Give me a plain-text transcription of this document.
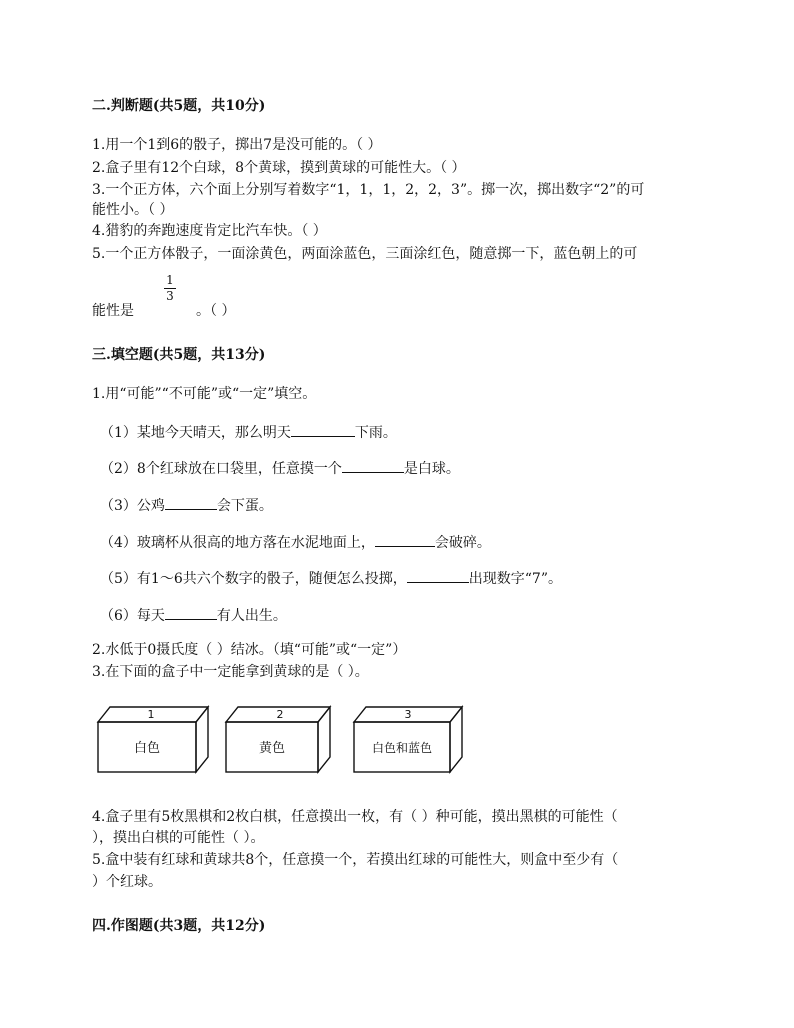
二.判断题(共5题，共10分)
1.用一个1到6的骰子，掷出7是没可能的。（ ）
2.盒子里有12个白球，8个黄球，摸到黄球的可能性大。（ ）
3.一个正方体，六个面上分别写着数字“1，1，1，2，2，3”。掷一次，掷出数字“2”的可
能性小。（ ）
4.猎豹的奔跑速度肯定比汽车快。（ ）
5.一个正方体骰子，一面涂黄色，两面涂蓝色，三面涂红色，随意掷一下，蓝色朝上的可
能性是
1
3
。（ ）
三.填空题(共5题，共13分)
1.用“可能”“不可能”或“一定”填空。
（1）某地今天晴天，那么明天	下雨。
（2）8个红球放在口袋里，任意摸一个	是白球。
（3）公鸡	会下蛋。
（4）玻璃杯从很高的地方落在水泥地面上，	会破碎。
（5）有1～6共六个数字的骰子，随便怎么投掷，	出现数字“7”。
（6）每天	有人出生。
2.水低于0摄氏度（ ）结冰。（填“可能”或“一定”）
3.在下面的盒子中一定能拿到黄球的是（ ）。
1
白色
2
黄色
3
白色和蓝色
4.盒子里有5枚黑棋和2枚白棋，任意摸出一枚，有（ ）种可能，摸出黑棋的可能性（
），摸出白棋的可能性（ ）。
5.盒中装有红球和黄球共8个，任意摸一个，若摸出红球的可能性大，则盒中至少有（
）个红球。
四.作图题(共3题，共12分)
